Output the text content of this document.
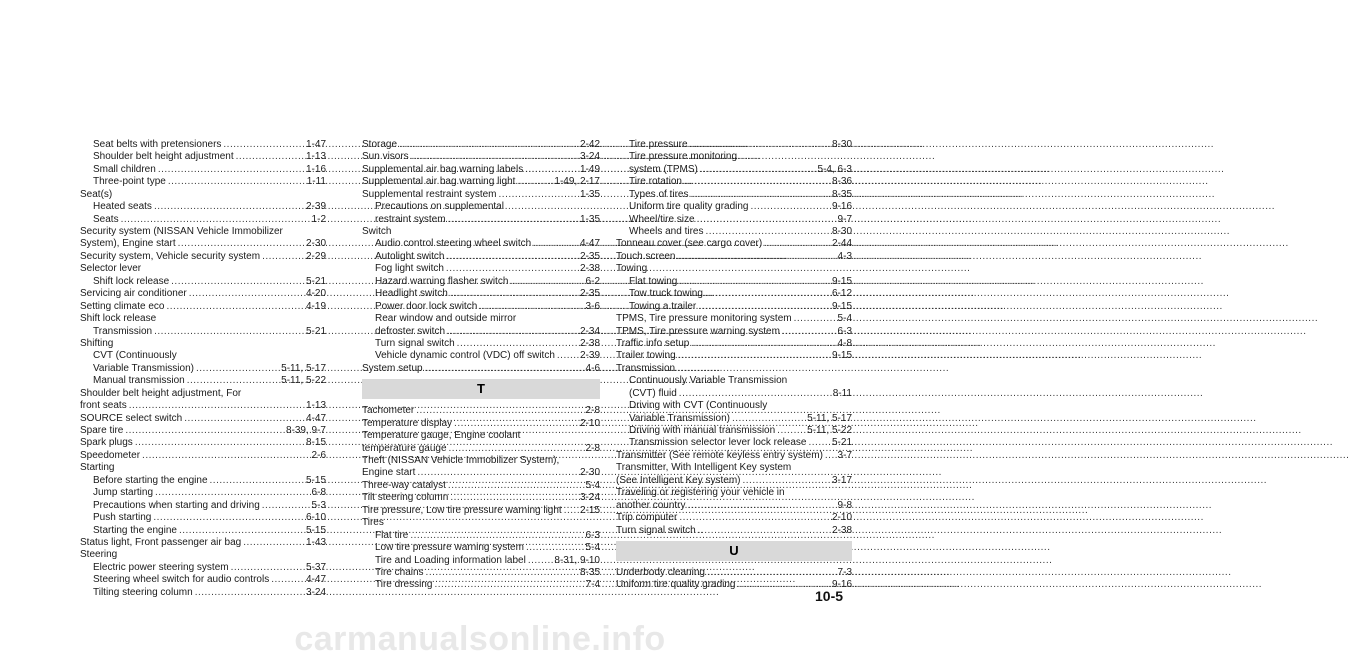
Seat belts with pretensioners .....	1-47
Shoulder belt height adjustment .....	1-13
Small children .....	1-16
Three-point type .....	1-11
Seat(s)
Heated seats .....	2-39
Seats .....	1-2
Security system (NISSAN Vehicle Immobilizer
System), Engine start .....	2-30
Security system, Vehicle security system .....	2-29
Selector lever
Shift lock release .....	5-21
Servicing air conditioner .....	4-20
Setting climate eco .....	4-19
Shift lock release
Transmission .....	5-21
Shifting
CVT (Continuously
Variable Transmission) .....	5-11, 5-17
Manual transmission .....	5-11, 5-22
Shoulder belt height adjustment, For
front seats .....	1-13
SOURCE select switch .....	4-47
Spare tire .....	8-39, 9-7
Spark plugs .....	8-15
Speedometer .....	2-6
Starting
Before starting the engine .....	5-15
Jump starting .....	6-8
Precautions when starting and driving .....	5-3
Push starting .....	6-10
Starting the engine .....	5-15
Status light, Front passenger air bag .....	1-43
Steering
Electric power steering system .....	5-37
Steering wheel switch for audio controls .....	4-47
Tilting steering column .....	3-24
Storage .....	2-42
Sun visors .....	3-24
Supplemental air bag warning labels .....	1-49
Supplemental air bag warning light .....	1-49, 2-17
Supplemental restraint system .....	1-35
Precautions on supplemental
restraint system .....	1-35
Switch
Audio control steering wheel switch .....	4-47
Autolight switch .....	2-35
Fog light switch .....	2-38
Hazard warning flasher switch .....	6-2
Headlight switch .....	2-35
Power door lock switch .....	3-6
Rear window and outside mirror
defroster switch .....	2-34
Turn signal switch .....	2-38
Vehicle dynamic control (VDC) off switch .....	2-39
System setup .....	4-6
T
Tachometer .....	2-8
Temperature display .....	2-10
Temperature gauge, Engine coolant
temperature gauge .....	2-8
Theft (NISSAN Vehicle Immobilizer System),
Engine start .....	2-30
Three-way catalyst .....	5-4
Tilt steering column .....	3-24
Tire pressure, Low tire pressure warning light ..... 2-15
Tires
Flat tire .....	6-3
Low tire pressure warning system .....	5-4
Tire and Loading information label .....	8-31, 9-10
Tire chains .....	8-35
Tire dressing .....	7-4
Tire pressure .....	8-30
Tire pressure monitoring
system (TPMS) .....	5-4, 6-3
Tire rotation .....	8-36
Types of tires .....	8-35
Uniform tire quality grading .....	9-16
Wheel/tire size .....	9-7
Wheels and tires .....	8-30
Tonneau cover (see cargo cover) .....	2-44
Touch screen .....	4-3
Towing
Flat towing .....	9-15
Tow truck towing .....	6-12
Towing a trailer .....	9-15
TPMS, Tire pressure monitoring system .....	5-4
TPMS, Tire pressure warning system .....	6-3
Traffic info setup .....	4-8
Trailer towing .....	9-15
Transmission
Continuously Variable Transmission
(CVT) fluid .....	8-11
Driving with CVT (Continuously
Variable Transmission) .....	5-11, 5-17
Driving with manual transmission .....	5-11, 5-22
Transmission selector lever lock release .....	5-21
Transmitter (See remote keyless entry system) ..... 3-7
Transmitter, With Intelligent Key system
(See Intelligent Key system) .....	3-17
Traveling or registering your vehicle in
another country .....	9-8
Trip computer .....	2-10
Turn signal switch .....	2-38
U
Underbody cleaning .....	7-3
Uniform tire quality grading .....	9-16
10-5
carmanualsonline.info
